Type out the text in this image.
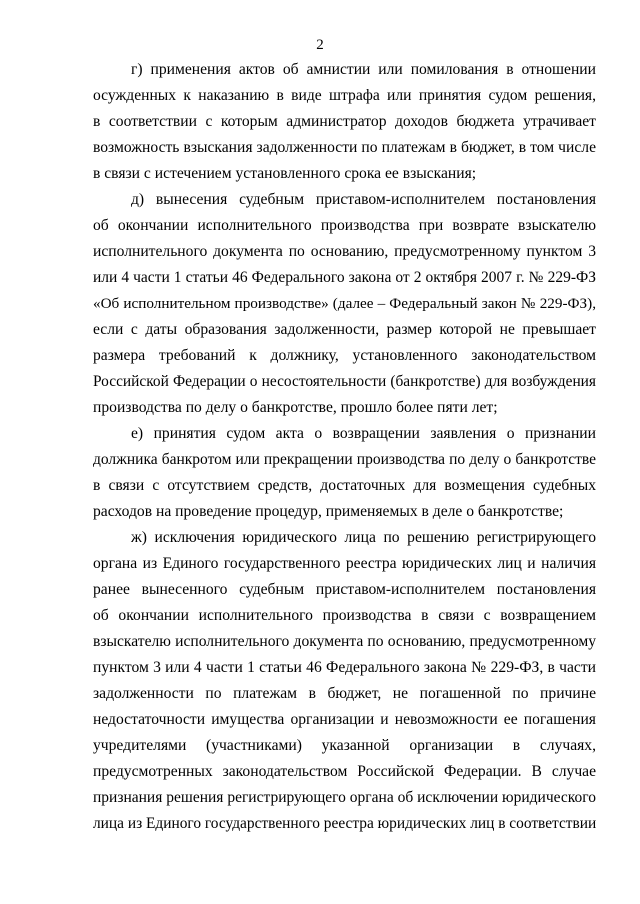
2
г) применения актов об амнистии или помилования в отношении
осужденных к наказанию в виде штрафа или принятия судом решения,
в соответствии с которым администратор доходов бюджета утрачивает
возможность взыскания задолженности по платежам в бюджет, в том числе
в связи с истечением установленного срока ее взыскания;
д) вынесения судебным приставом-исполнителем постановления
об окончании исполнительного производства при возврате взыскателю
исполнительного документа по основанию, предусмотренному пунктом 3
или 4 части 1 статьи 46 Федерального закона от 2 октября 2007 г. № 229-ФЗ
«Об исполнительном производстве» (далее – Федеральный закон № 229-ФЗ),
если с даты образования задолженности, размер которой не превышает
размера требований к должнику, установленного законодательством
Российской Федерации о несостоятельности (банкротстве) для возбуждения
производства по делу о банкротстве, прошло более пяти лет;
е) принятия судом акта о возвращении заявления о признании
должника банкротом или прекращении производства по делу о банкротстве
в связи с отсутствием средств, достаточных для возмещения судебных
расходов на проведение процедур, применяемых в деле о банкротстве;
ж) исключения юридического лица по решению регистрирующего
органа из Единого государственного реестра юридических лиц и наличия
ранее вынесенного судебным приставом-исполнителем постановления
об окончании исполнительного производства в связи с возвращением
взыскателю исполнительного документа по основанию, предусмотренному
пунктом 3 или 4 части 1 статьи 46 Федерального закона № 229-ФЗ, в части
задолженности по платежам в бюджет, не погашенной по причине
недостаточности имущества организации и невозможности ее погашения
учредителями (участниками) указанной организации в случаях,
предусмотренных законодательством Российской Федерации. В случае
признания решения регистрирующего органа об исключении юридического
лица из Единого государственного реестра юридических лиц в соответствии
